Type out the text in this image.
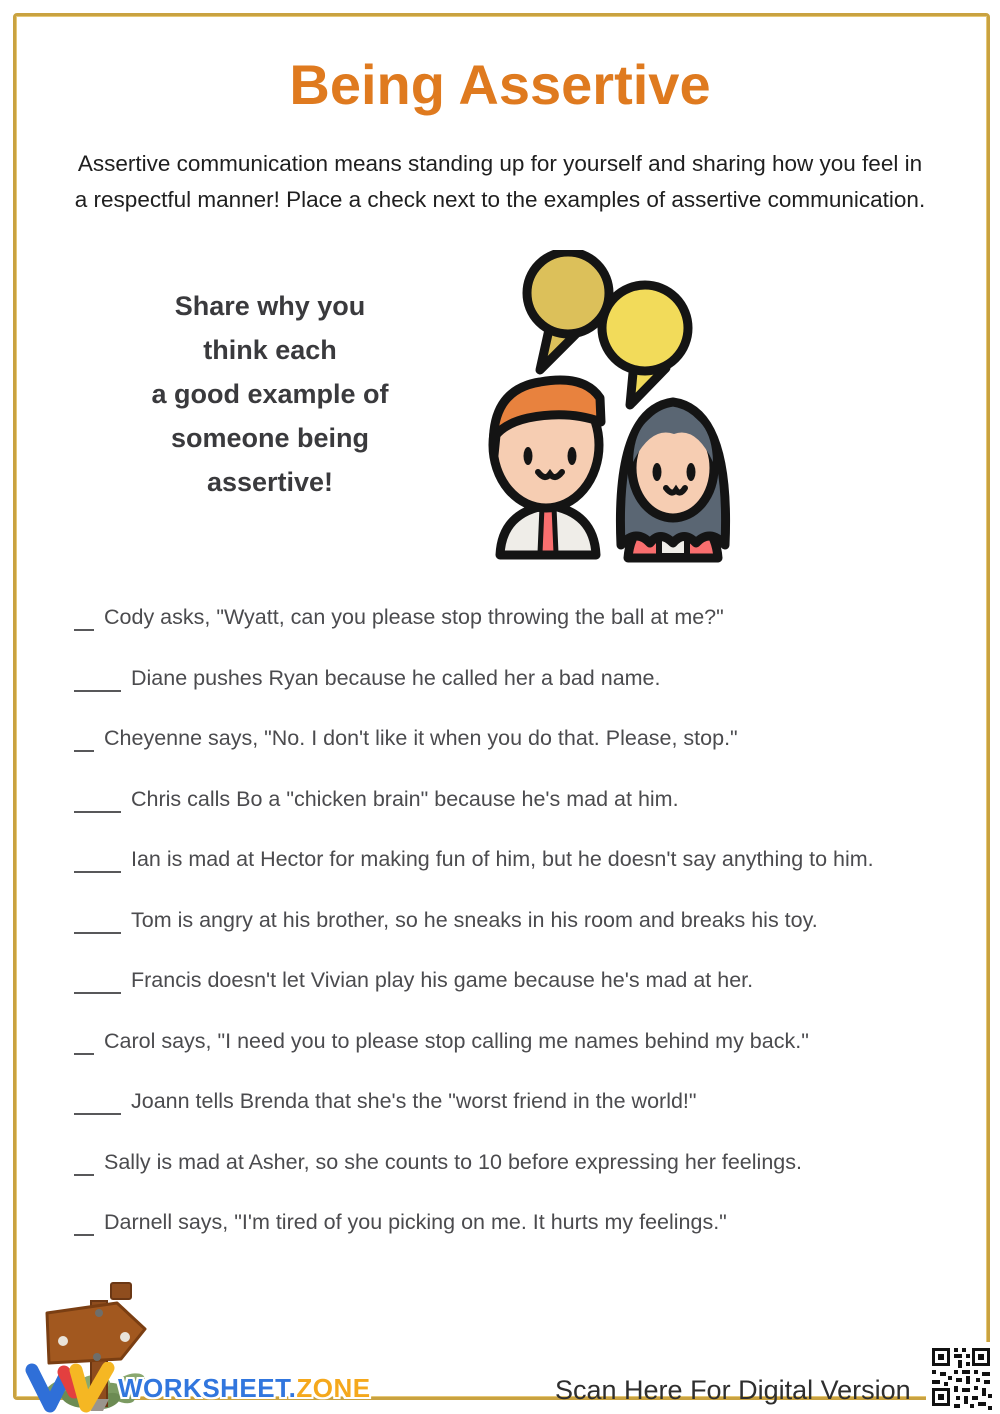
Being Assertive
Assertive communication means standing up for yourself and sharing how you feel in
a respectful manner! Place a check next to the examples of assertive communication.
Share why you
think each
a good example of
someone being
assertive!
Cody asks, "Wyatt, can you please stop throwing the ball at me?"
Diane pushes Ryan because he called her a bad name.
Cheyenne says, "No. I don't like it when you do that. Please, stop."
Chris calls Bo a "chicken brain" because he's mad at him.
Ian is mad at Hector for making fun of him, but he doesn't say anything to him.
Tom is angry at his brother, so he sneaks in his room and breaks his toy.
Francis doesn't let Vivian play his game because he's mad at her.
Carol says, "I need you to please stop calling me names behind my back."
Joann tells Brenda that she's the "worst friend in the world!"
Sally is mad at Asher, so she counts to 10 before expressing her feelings.
Darnell says, "I'm tired of you picking on me. It hurts my feelings."
WORKSHEET.ZONE	Scan Here For Digital Version
